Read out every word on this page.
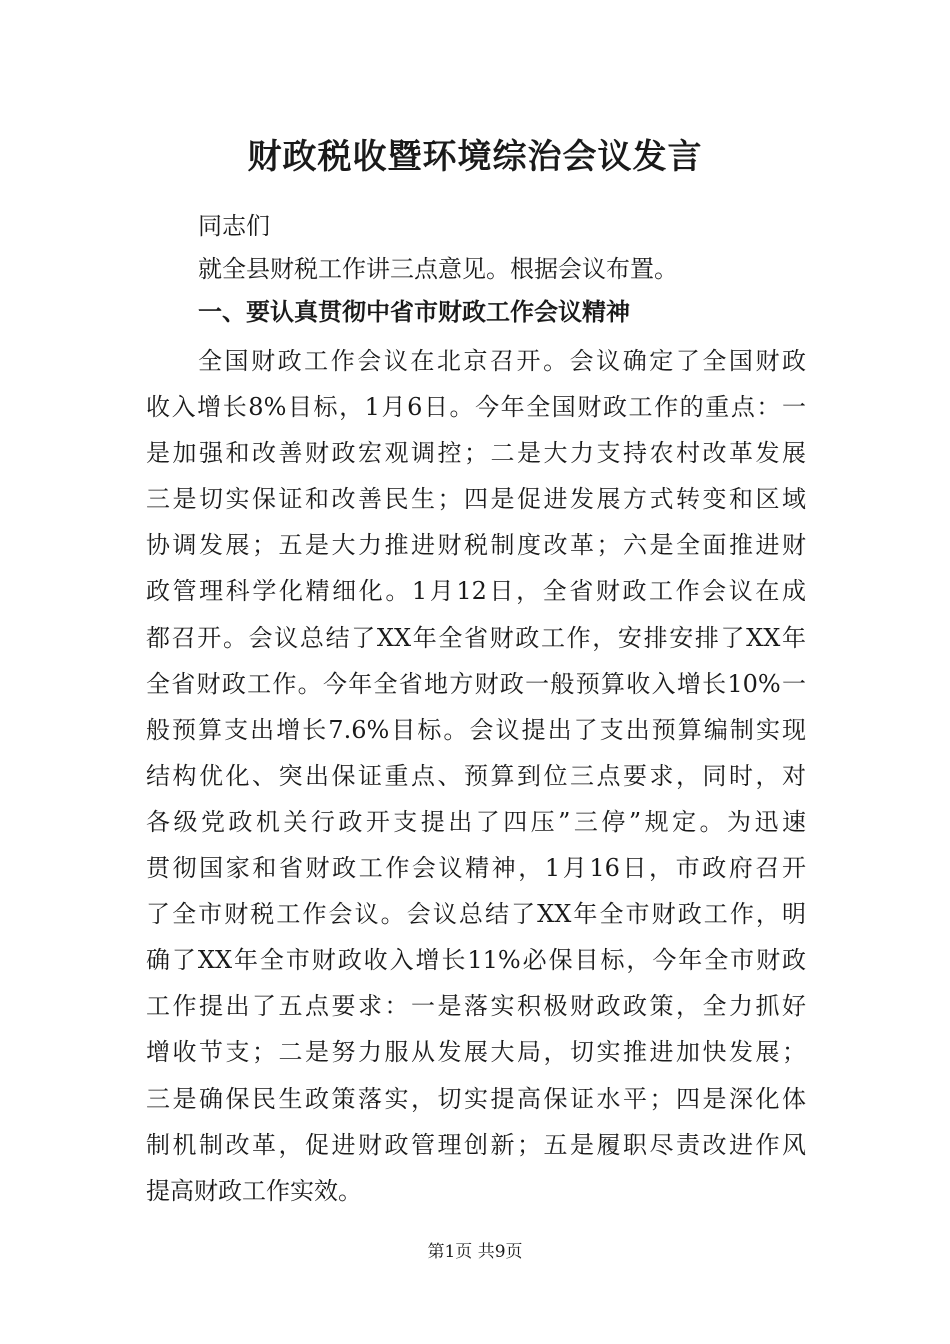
财政税收暨环境综治会议发言

同志们

就全县财税工作讲三点意见。根据会议布置。

一、要认真贯彻中省市财政工作会议精神
全国财政工作会议在北京召开。会议确定了全国财政
收入增长8%目标，1月6日。今年全国财政工作的重点：一
是加强和改善财政宏观调控；二是大力支持农村改革发展
三是切实保证和改善民生；四是促进发展方式转变和区域
协调发展；五是大力推进财税制度改革；六是全面推进财
政管理科学化精细化。1月12日，全省财政工作会议在成
都召开。会议总结了XX年全省财政工作，安排安排了XX年
全省财政工作。今年全省地方财政一般预算收入增长10%一
般预算支出增长7.6%目标。会议提出了支出预算编制实现
结构优化、突出保证重点、预算到位三点要求，同时，对
各级党政机关行政开支提出了四压”三停”规定。为迅速
贯彻国家和省财政工作会议精神，1月16日，市政府召开
了全市财税工作会议。会议总结了XX年全市财政工作，明
确了XX年全市财政收入增长11%必保目标，今年全市财政
工作提出了五点要求：一是落实积极财政政策，全力抓好
增收节支；二是努力服从发展大局，切实推进加快发展；
三是确保民生政策落实，切实提高保证水平；四是深化体
制机制改革，促进财政管理创新；五是履职尽责改进作风
提高财政工作实效。

第1页 共9页
